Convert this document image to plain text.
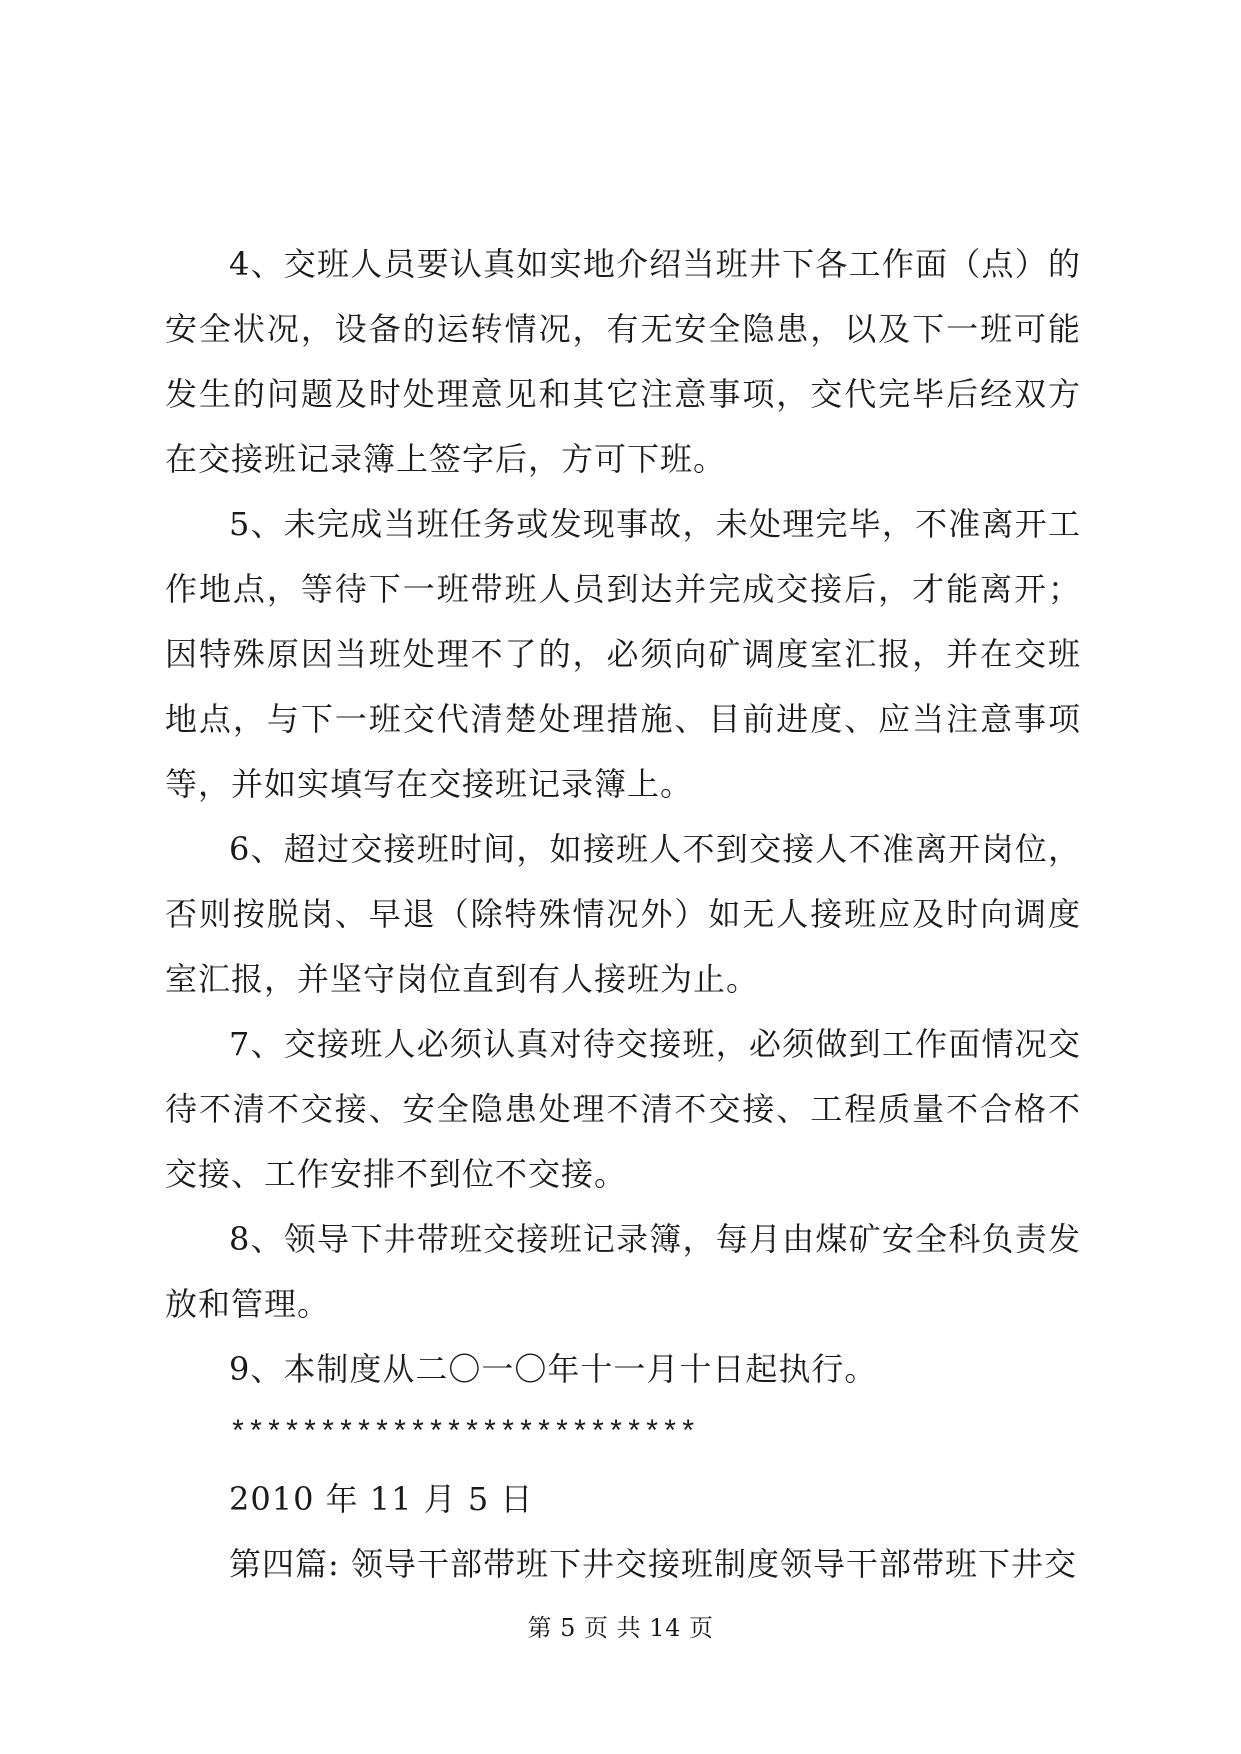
4、交班人员要认真如实地介绍当班井下各工作面（点）的安全状况，设备的运转情况，有无安全隐患，以及下一班可能发生的问题及时处理意见和其它注意事项，交代完毕后经双方在交接班记录簿上签字后，方可下班。

5、未完成当班任务或发现事故，未处理完毕，不准离开工作地点，等待下一班带班人员到达并完成交接后，才能离开；因特殊原因当班处理不了的，必须向矿调度室汇报，并在交班地点，与下一班交代清楚处理措施、目前进度、应当注意事项等，并如实填写在交接班记录簿上。

6、超过交接班时间，如接班人不到交接人不准离开岗位，否则按脱岗、早退（除特殊情况外）如无人接班应及时向调度室汇报，并坚守岗位直到有人接班为止。

7、交接班人必须认真对待交接班，必须做到工作面情况交待不清不交接、安全隐患处理不清不交接、工程质量不合格不交接、工作安排不到位不交接。

8、领导下井带班交接班记录簿，每月由煤矿安全科负责发放和管理。

9、本制度从二〇一〇年十一月十日起执行。

**************************

2010 年 11 月 5 日

第四篇: 领导干部带班下井交接班制度领导干部带班下井交

第 5 页 共 14 页
